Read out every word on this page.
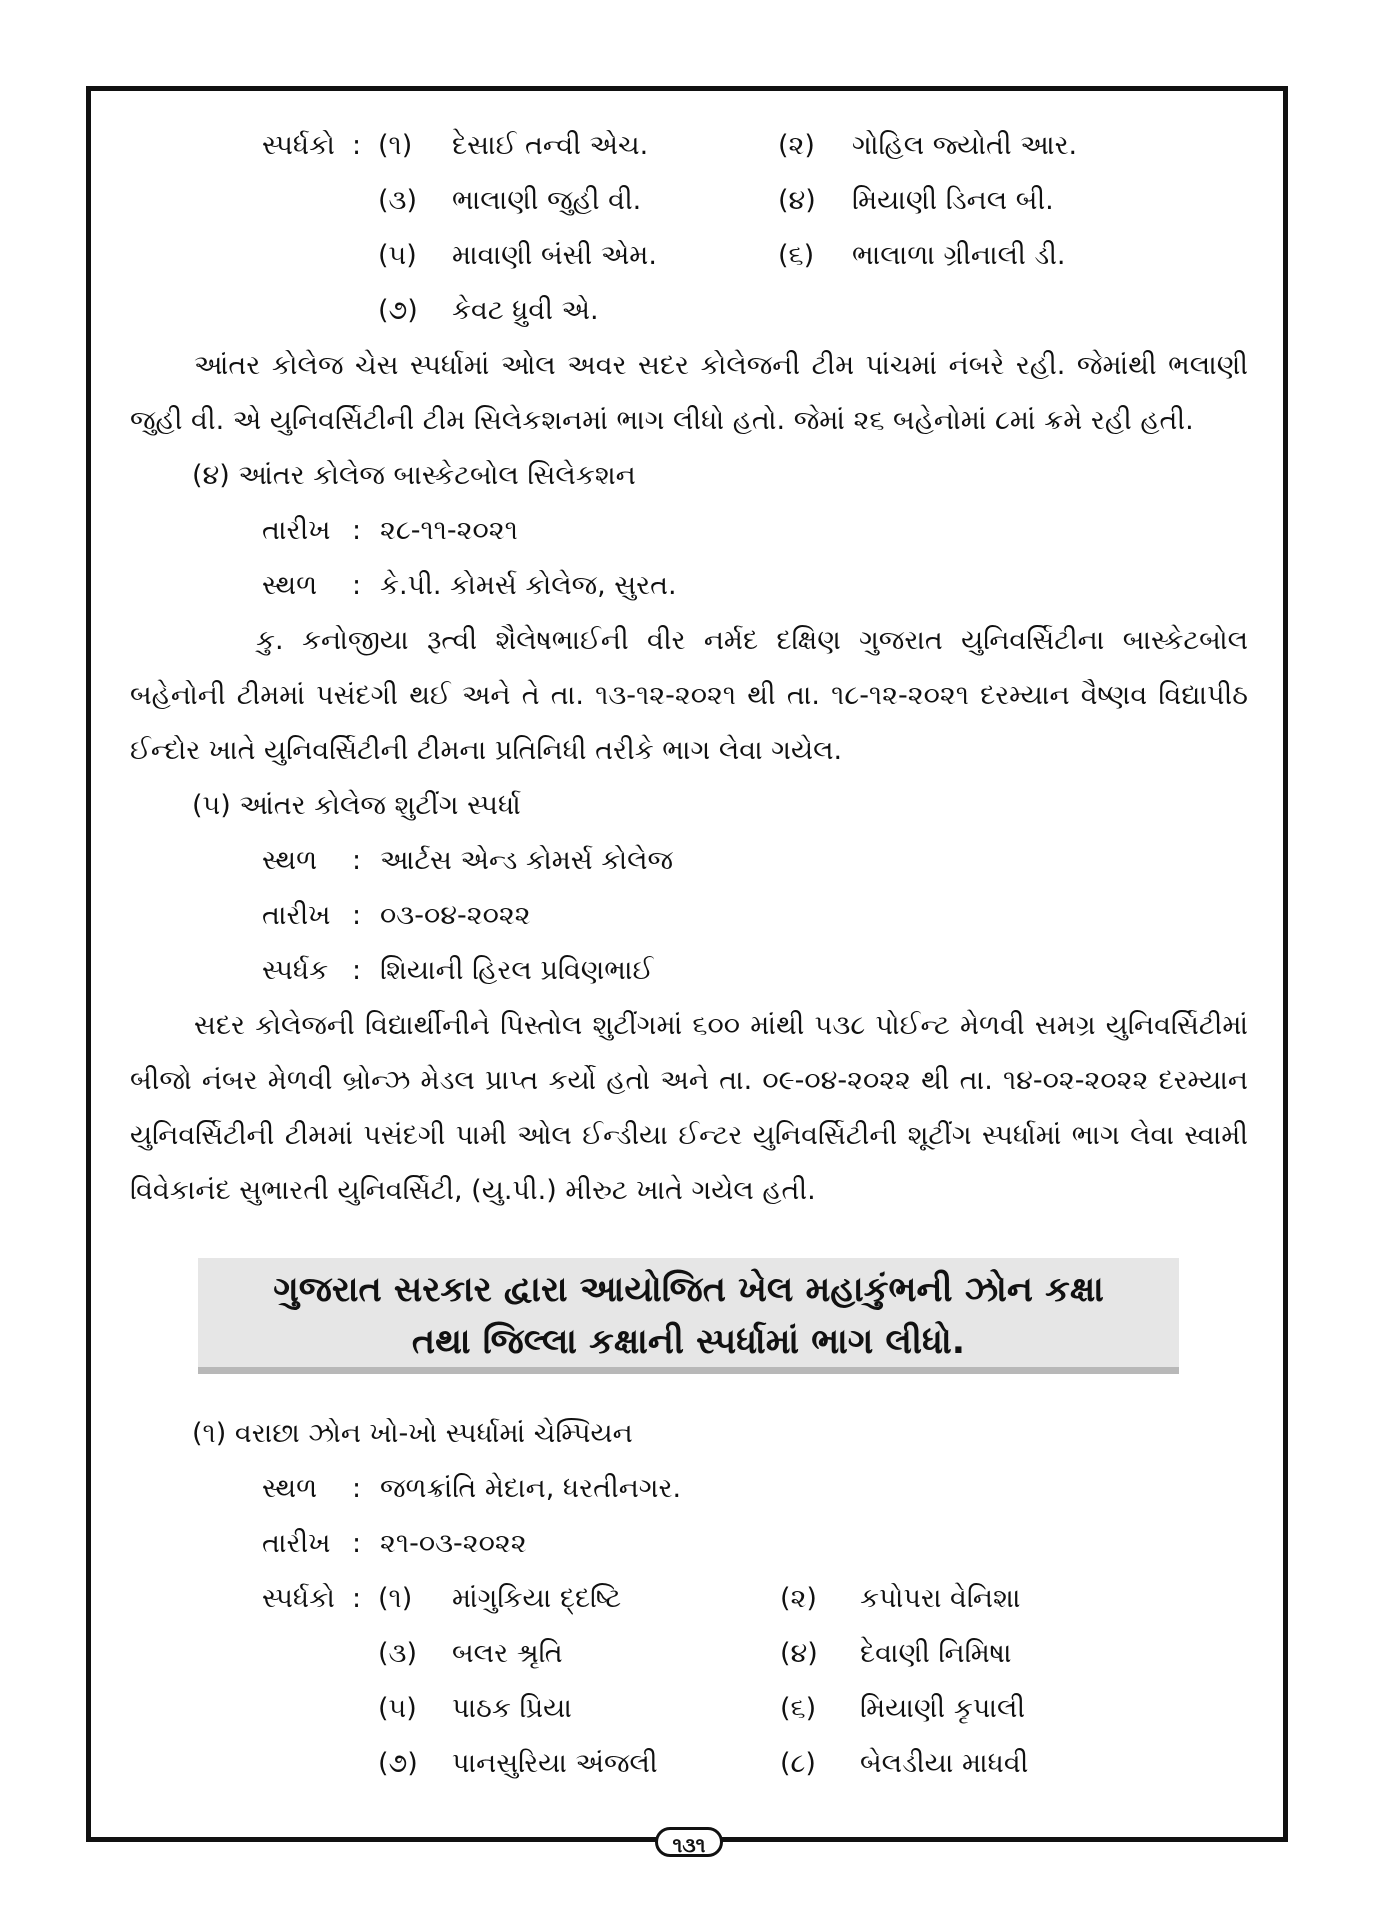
સ્પર્ધકો : (૧) દેસાઈ તન્વી એચ.	(૨) ગોહિલ જ્યોતી આર.
(૩) ભાલાણી જુહી વી.	(૪) મિયાણી ડિનલ બી.
(૫) માવાણી બંસી એમ.	(૬) ભાલાળા ગ્રીનાલી ડી.
(૭) કેવટ ધ્રુવી એ.

આંતર કોલેજ ચેસ સ્પર્ધામાં ઓલ અવર સદર કોલેજની ટીમ પાંચમાં નંબરે રહી. જેમાંથી ભલાણી જુહી વી. એ યુનિવર્સિટીની ટીમ સિલેકશનમાં ભાગ લીધો હતો. જેમાં ૨૬ બહેનોમાં ૮માં ક્રમે રહી હતી.

(૪) આંતર કોલેજ બાસ્કેટબોલ સિલેકશન
તારીખ : ૨૮-૧૧-૨૦૨૧
સ્થળ : કે.પી. કોમર્સ કોલેજ, સુરત.

કુ. કનોજીયા રૂત્વી શૈલેષભાઈની વીર નર્મદ દક્ષિણ ગુજરાત યુનિવર્સિટીના બાસ્કેટબોલ બહેનોની ટીમમાં પસંદગી થઈ અને તે તા. ૧૩-૧૨-૨૦૨૧ થી તા. ૧૮-૧૨-૨૦૨૧ દરમ્યાન વૈષ્ણવ વિદ્યાપીઠ ઈન્દોર ખાતે યુનિવર્સિટીની ટીમના પ્રતિનિધી તરીકે ભાગ લેવા ગયેલ.

(૫) આંતર કોલેજ શુટીંગ સ્પર્ધા
સ્થળ : આર્ટસ એન્ડ કોમર્સ કોલેજ
તારીખ : ૦૩-૦૪-૨૦૨૨
સ્પર્ધક : શિયાની હિરલ પ્રવિણભાઈ

સદર કોલેજની વિદ્યાર્થીનીને પિસ્તોલ શુટીંગમાં ૬૦૦ માંથી ૫૩૮ પોઈન્ટ મેળવી સમગ્ર યુનિવર્સિટીમાં બીજો નંબર મેળવી બ્રોન્ઝ મેડલ પ્રાપ્ત કર્યો હતો અને તા. ૦૯-૦૪-૨૦૨૨ થી તા. ૧૪-૦૨-૨૦૨૨ દરમ્યાન યુનિવર્સિટીની ટીમમાં પસંદગી પામી ઓલ ઈન્ડીયા ઈન્ટર યુનિવર્સિટીની શૂટીંગ સ્પર્ધામાં ભાગ લેવા સ્વામી વિવેકાનંદ સુભારતી યુનિવર્સિટી, (યુ.પી.) મીરુટ ખાતે ગયેલ હતી.

ગુજરાત સરકાર દ્વારા આયોજિત ખેલ મહાકુંભની ઝોન કક્ષા
તથા જિલ્લા કક્ષાની સ્પર્ધામાં ભાગ લીધો.
(૧) વરાછા ઝોન ખો-ખો સ્પર્ધામાં ચેમ્પિયન
સ્થળ : જળક્રાંતિ મેદાન, ધરતીનગર.
તારીખ : ૨૧-૦૩-૨૦૨૨
સ્પર્ધકો : (૧) માંગુકિયા દ્દષ્ટિ	(૨) કપોપરા વેનિશા
(૩) બલર શ્રૃતિ	(૪) દેવાણી નિમિષા
(૫) પાઠક પ્રિયા	(૬) મિયાણી કૃપાલી
(૭) પાનસુરિયા અંજલી	(૮) બેલડીયા માધવી
૧૩૧
